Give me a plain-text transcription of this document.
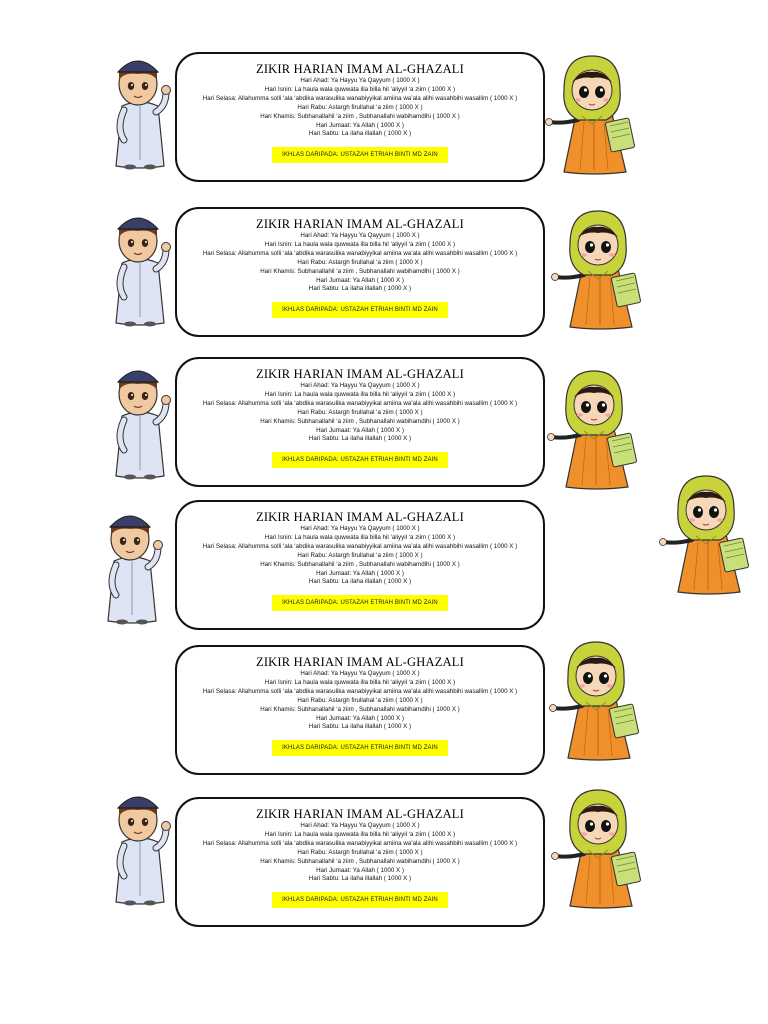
ZIKIR HARIAN IMAM AL-GHAZALI
Hari Ahad: Ya Hayyu Ya Qayyum ( 1000 X )
Hari Isnin: La haula wala quwwata illa billa hil ‘aliyyil ‘a ziim ( 1000 X )
Hari Selasa: Allahumma solli ‘ala ‘abdika warasulika wanabiyyikal amiina wa’ala alihi wasahbihi wasallim ( 1000 X )
Hari Rabu: Astargh firullahal ‘a ziim ( 1000 X )
Hari Khamis: Subhanallahil ‘a ziim , Subhanallahi wabihamdihi ( 1000 X )
Hari Jumaat: Ya Allah ( 1000 X )
Hari Sabtu: La ilaha illallah ( 1000 X )
IKHLAS DARIPADA: USTAZAH ETRIAH BINTI MD ZAIN
ZIKIR HARIAN IMAM AL-GHAZALI
Hari Ahad: Ya Hayyu Ya Qayyum ( 1000 X )
Hari Isnin: La haula wala quwwata illa billa hil ‘aliyyil ‘a ziim ( 1000 X )
Hari Selasa: Allahumma solli ‘ala ‘abdika warasulika wanabiyyikal amiina wa’ala alihi wasahbihi wasallim ( 1000 X )
Hari Rabu: Astargh firullahal ‘a ziim ( 1000 X )
Hari Khamis: Subhanallahil ‘a ziim , Subhanallahi wabihamdihi ( 1000 X )
Hari Jumaat: Ya Allah ( 1000 X )
Hari Sabtu: La ilaha illallah ( 1000 X )
IKHLAS DARIPADA: USTAZAH ETRIAH BINTI MD ZAIN
ZIKIR HARIAN IMAM AL-GHAZALI
Hari Ahad: Ya Hayyu Ya Qayyum ( 1000 X )
Hari Isnin: La haula wala quwwata illa billa hil ‘aliyyil ‘a ziim ( 1000 X )
Hari Selasa: Allahumma solli ‘ala ‘abdika warasulika wanabiyyikal amiina wa’ala alihi wasahbihi wasallim ( 1000 X )
Hari Rabu: Astargh firullahal ‘a ziim ( 1000 X )
Hari Khamis: Subhanallahil ‘a ziim , Subhanallahi wabihamdihi ( 1000 X )
Hari Jumaat: Ya Allah ( 1000 X )
Hari Sabtu: La ilaha illallah ( 1000 X )
IKHLAS DARIPADA: USTAZAH ETRIAH BINTI MD ZAIN
ZIKIR HARIAN IMAM AL-GHAZALI
Hari Ahad: Ya Hayyu Ya Qayyum ( 1000 X )
Hari Isnin: La haula wala quwwata illa billa hil ‘aliyyil ‘a ziim ( 1000 X )
Hari Selasa: Allahumma solli ‘ala ‘abdika warasulika wanabiyyikal amiina wa’ala alihi wasahbihi wasallim ( 1000 X )
Hari Rabu: Astargh firullahal ‘a ziim ( 1000 X )
Hari Khamis: Subhanallahil ‘a ziim , Subhanallahi wabihamdihi ( 1000 X )
Hari Jumaat: Ya Allah ( 1000 X )
Hari Sabtu: La ilaha illallah ( 1000 X )
IKHLAS DARIPADA: USTAZAH ETRIAH BINTI MD ZAIN
ZIKIR HARIAN IMAM AL-GHAZALI
Hari Ahad: Ya Hayyu Ya Qayyum ( 1000 X )
Hari Isnin: La haula wala quwwata illa billa hil ‘aliyyil ‘a ziim ( 1000 X )
Hari Selasa: Allahumma solli ‘ala ‘abdika warasulika wanabiyyikal amiina wa’ala alihi wasahbihi wasallim ( 1000 X )
Hari Rabu: Astargh firullahal ‘a ziim ( 1000 X )
Hari Khamis: Subhanallahil ‘a ziim , Subhanallahi wabihamdihi ( 1000 X )
Hari Jumaat: Ya Allah ( 1000 X )
Hari Sabtu: La ilaha illallah ( 1000 X )
IKHLAS DARIPADA: USTAZAH ETRIAH BINTI MD ZAIN
ZIKIR HARIAN IMAM AL-GHAZALI
Hari Ahad: Ya Hayyu Ya Qayyum ( 1000 X )
Hari Isnin: La haula wala quwwata illa billa hil ‘aliyyil ‘a ziim ( 1000 X )
Hari Selasa: Allahumma solli ‘ala ‘abdika warasulika wanabiyyikal amiina wa’ala alihi wasahbihi wasallim ( 1000 X )
Hari Rabu: Astargh firullahal ‘a ziim ( 1000 X )
Hari Khamis: Subhanallahil ‘a ziim , Subhanallahi wabihamdihi ( 1000 X )
Hari Jumaat: Ya Allah ( 1000 X )
Hari Sabtu: La ilaha illallah ( 1000 X )
IKHLAS DARIPADA: USTAZAH ETRIAH BINTI MD ZAIN
